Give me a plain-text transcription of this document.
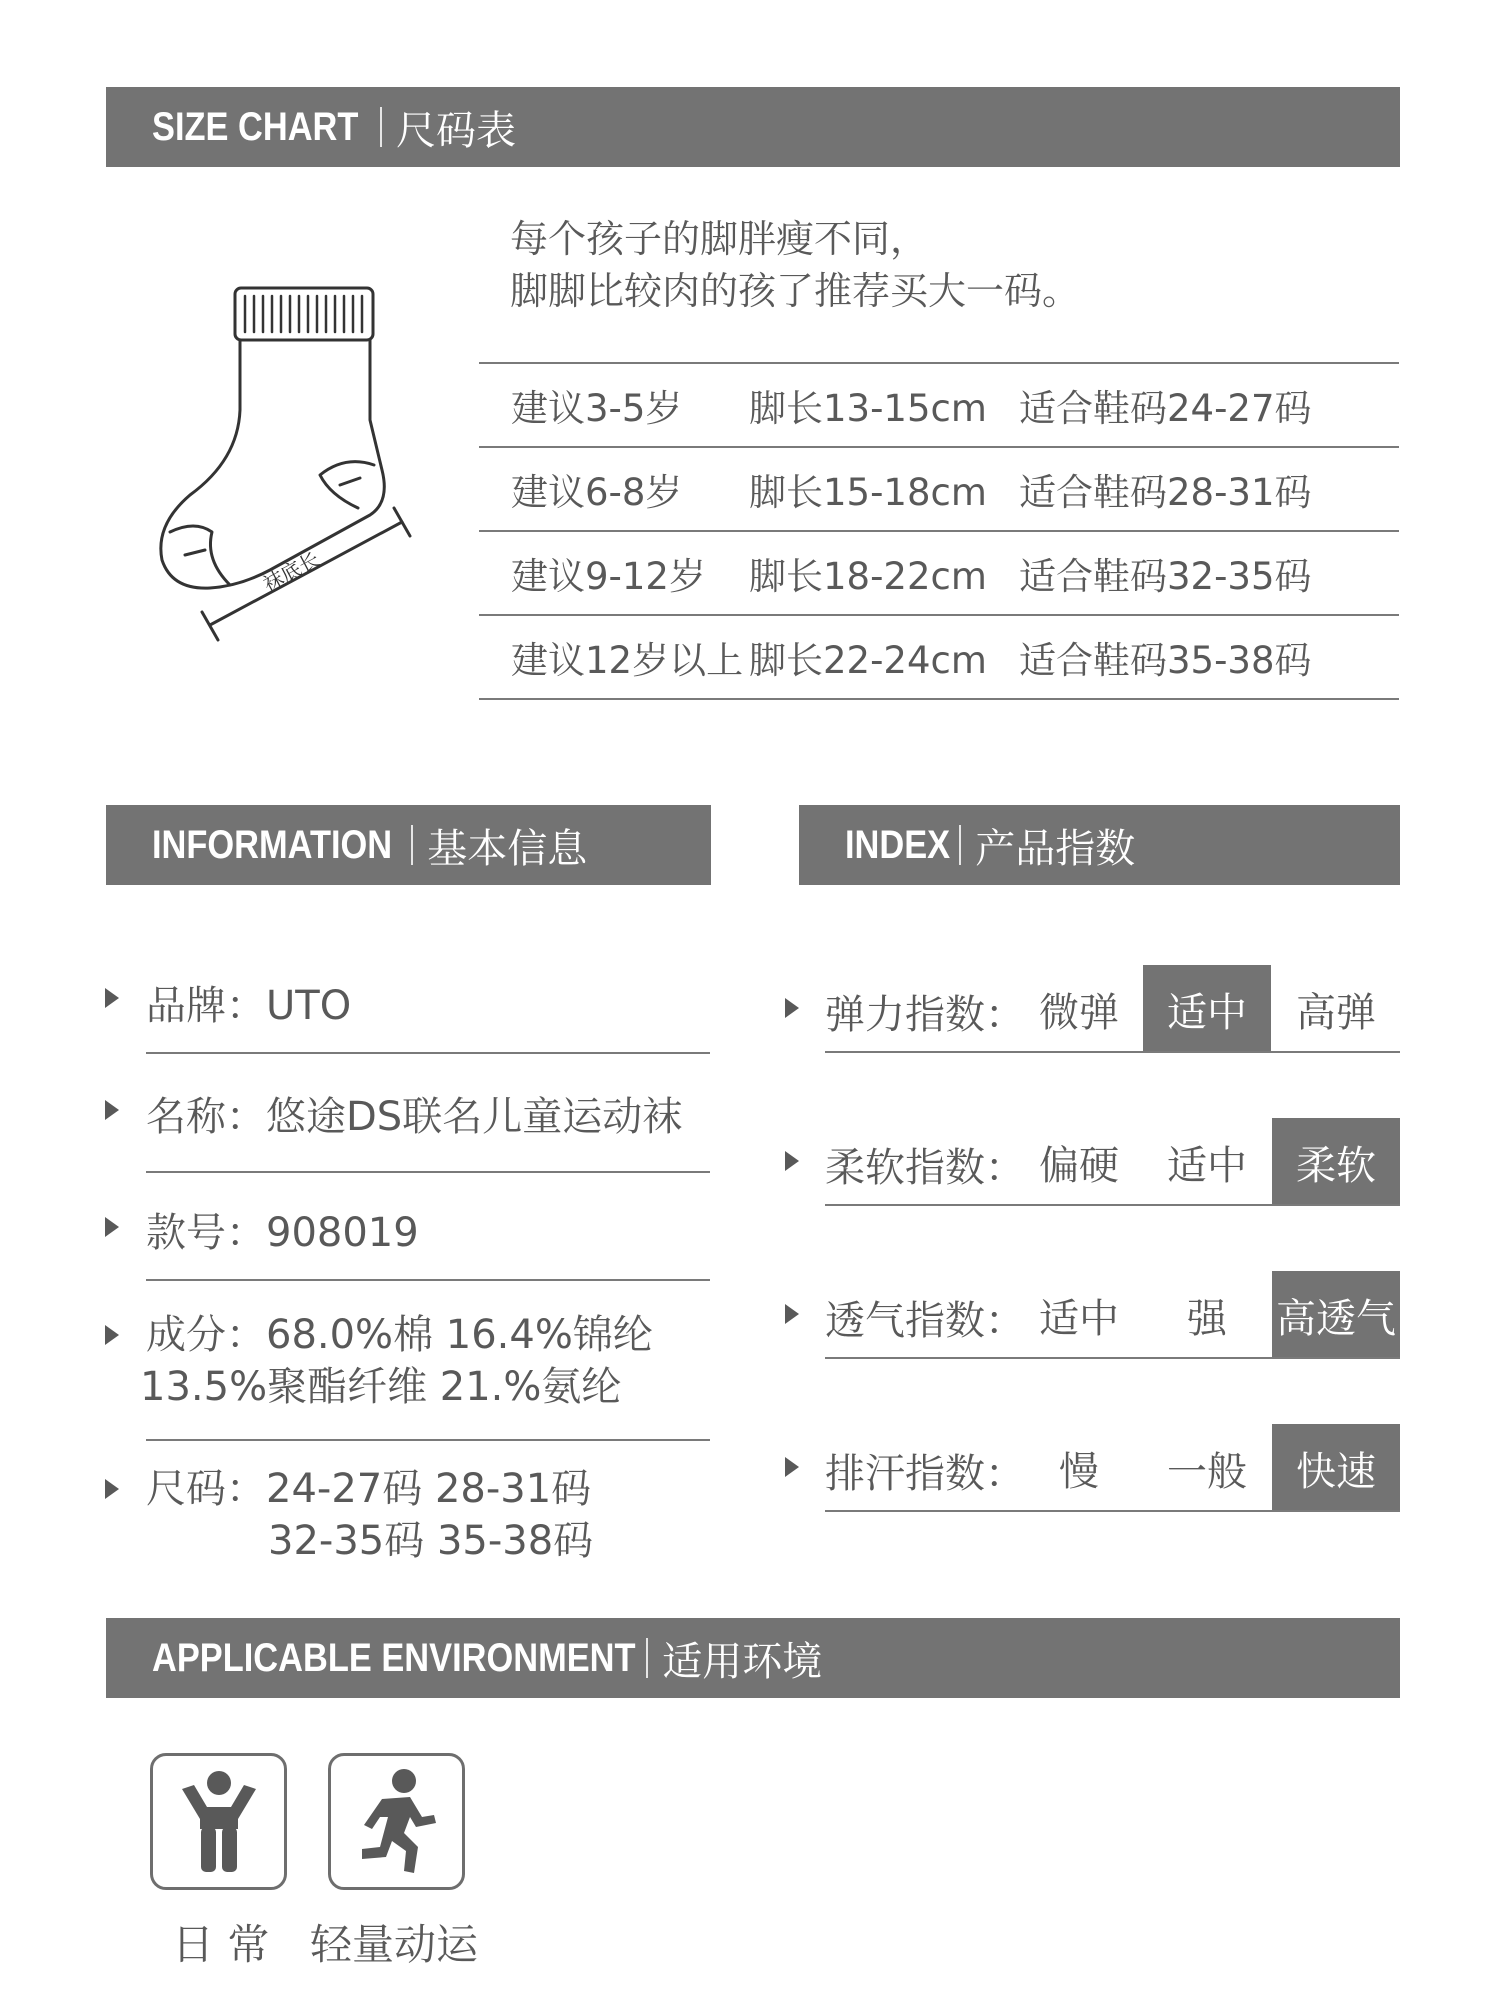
SIZE CHART 尺码表
袜底长
每个孩子的脚胖瘦不同，
脚脚比较肉的孩了推荐买大一码。
建议3-5岁	脚长13-15cm 适合鞋码24-27码
建议6-8岁	脚长15-18cm 适合鞋码28-31码
建议9-12岁	脚长18-22cm 适合鞋码32-35码
建议12岁以上 脚长22-24cm 适合鞋码35-38码
INFORMATION 基本信息	INDEX 产品指数
品牌：UTO
名称：悠途DS联名儿童运动袜
款号：908019
成分：68.0%棉 16.4%锦纶
13.5%聚酯纤维 21.%氨纶
尺码：24-27码 28-31码
32-35码 35-38码
弹力指数： 微弹	适中	高弹
柔软指数： 偏硬	适中	柔软
透气指数： 适中	强	高透气
排汗指数： 慢	一般	快速
APPLICABLE ENVIRONMENT 适用环境
日 常 轻量动运
